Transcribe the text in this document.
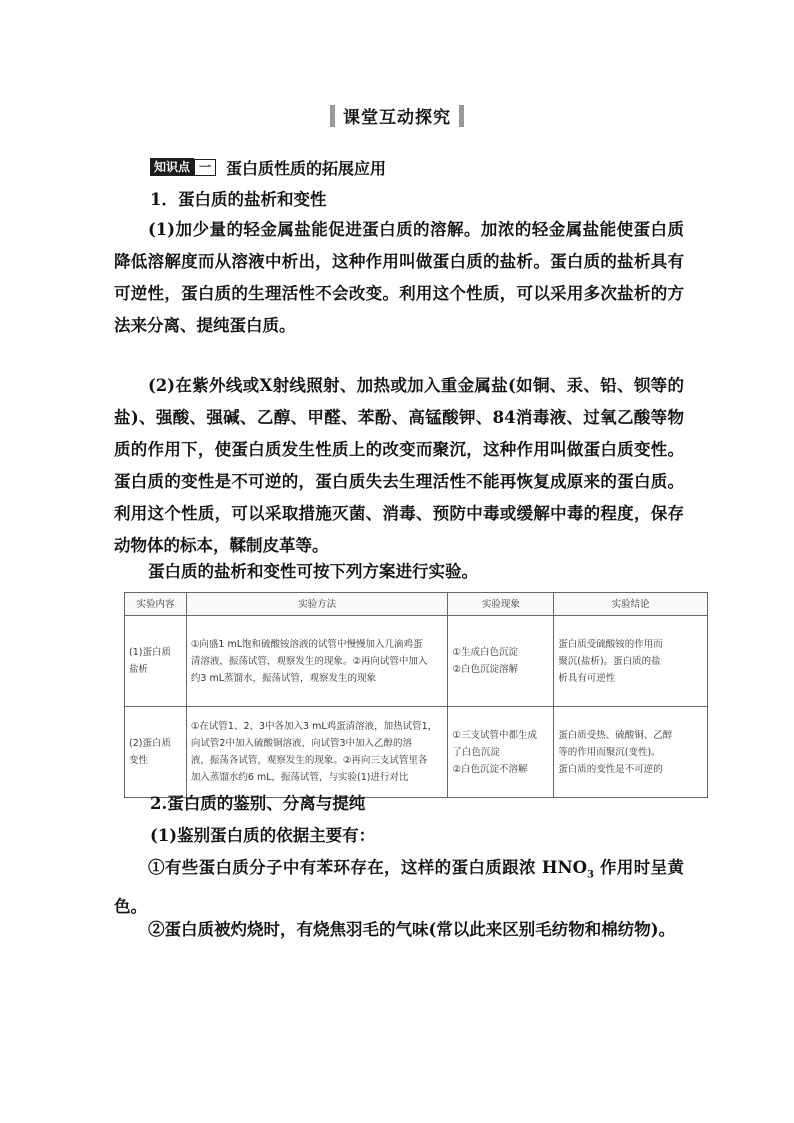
课堂互动探究
知识点 一 蛋白质性质的拓展应用
1．蛋白质的盐析和变性
(1)加少量的轻金属盐能促进蛋白质的溶解。加浓的轻金属盐能使蛋白质降低溶解度而从溶液中析出，这种作用叫做蛋白质的盐析。蛋白质的盐析具有可逆性，蛋白质的生理活性不会改变。利用这个性质，可以采用多次盐析的方法来分离、提纯蛋白质。
(2)在紫外线或X射线照射、加热或加入重金属盐(如铜、汞、铅、钡等的盐)、强酸、强碱、乙醇、甲醛、苯酚、高锰酸钾、84消毒液、过氧乙酸等物质的作用下，使蛋白质发生性质上的改变而聚沉，这种作用叫做蛋白质变性。蛋白质的变性是不可逆的，蛋白质失去生理活性不能再恢复成原来的蛋白质。利用这个性质，可以采取措施灭菌、消毒、预防中毒或缓解中毒的程度，保存动物体的标本，鞣制皮革等。
蛋白质的盐析和变性可按下列方案进行实验。
实验内容	实验方法	实验现象	实验结论

(1)蛋白质
盐析	①向盛1 mL饱和硫酸铵溶液的试管中慢慢加入几滴鸡蛋
清溶液，振荡试管，观察发生的现象。②再向试管中加入
约3 mL蒸馏水，振荡试管，观察发生的现象	①生成白色沉淀
②白色沉淀溶解	蛋白质受硫酸铵的作用而
聚沉(盐析)。蛋白质的盐
析具有可逆性

(2)蛋白质
变性	①在试管1、2、3中各加入3 mL鸡蛋清溶液，加热试管1，
向试管2中加入硫酸铜溶液，向试管3中加入乙醇的溶
液，振荡各试管，观察发生的现象。②再向三支试管里各
加入蒸馏水约6 mL，振荡试管，与实验(1)进行对比	①三支试管中都生成
了白色沉淀
②白色沉淀不溶解	蛋白质受热、硫酸铜、乙醇
等的作用而聚沉(变性)。
蛋白质的变性是不可逆的
2.蛋白质的鉴别、分离与提纯
(1)鉴别蛋白质的依据主要有：
①有些蛋白质分子中有苯环存在，这样的蛋白质跟浓 $HNO_3$ 作用时呈黄色。
②蛋白质被灼烧时，有烧焦羽毛的气味(常以此来区别毛纺物和棉纺物)。
